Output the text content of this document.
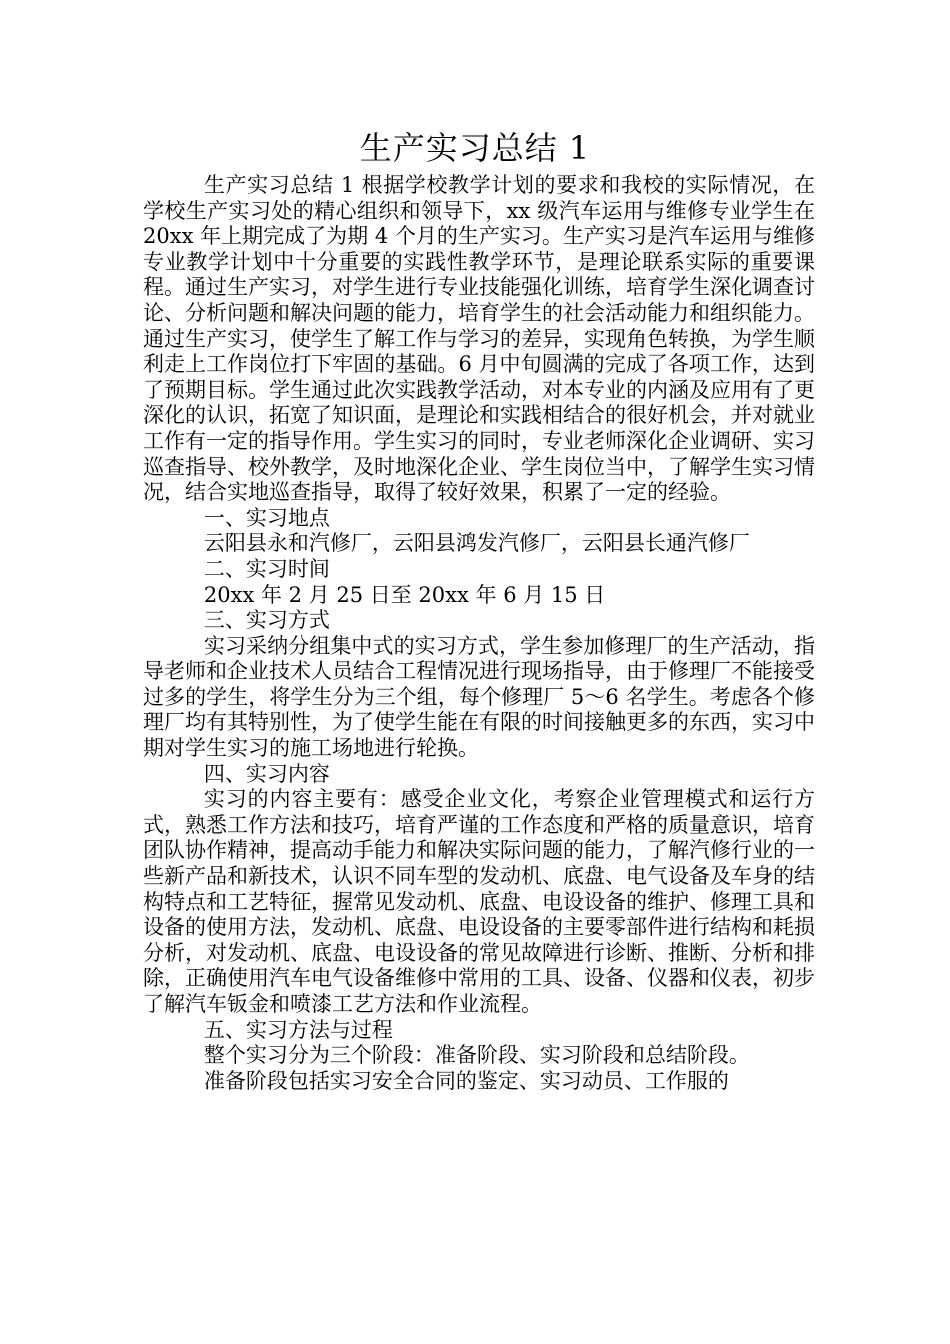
生产实习总结 1

生产实习总结 1 根据学校教学计划的要求和我校的实际情况，在学校生产实习处的精心组织和领导下，xx 级汽车运用与维修专业学生在 20xx 年上期完成了为期 4 个月的生产实习。生产实习是汽车运用与维修专业教学计划中十分重要的实践性教学环节，是理论联系实际的重要课程。通过生产实习，对学生进行专业技能强化训练，培育学生深化调查讨论、分析问题和解决问题的能力，培育学生的社会活动能力和组织能力。通过生产实习，使学生了解工作与学习的差异，实现角色转换，为学生顺利走上工作岗位打下牢固的基础。6 月中旬圆满的完成了各项工作，达到了预期目标。学生通过此次实践教学活动，对本专业的内涵及应用有了更深化的认识，拓宽了知识面，是理论和实践相结合的很好机会，并对就业工作有一定的指导作用。学生实习的同时，专业老师深化企业调研、实习巡查指导、校外教学，及时地深化企业、学生岗位当中，了解学生实习情况，结合实地巡查指导，取得了较好效果，积累了一定的经验。

一、实习地点

云阳县永和汽修厂，云阳县鸿发汽修厂，云阳县长通汽修厂

二、实习时间

20xx 年 2 月 25 日至 20xx 年 6 月 15 日

三、实习方式

实习采纳分组集中式的实习方式，学生参加修理厂的生产活动，指导老师和企业技术人员结合工程情况进行现场指导，由于修理厂不能接受过多的学生，将学生分为三个组，每个修理厂 5～6 名学生。考虑各个修理厂均有其特别性，为了使学生能在有限的时间接触更多的东西，实习中期对学生实习的施工场地进行轮换。

四、实习内容

实习的内容主要有：感受企业文化，考察企业管理模式和运行方式，熟悉工作方法和技巧，培育严谨的工作态度和严格的质量意识，培育团队协作精神，提高动手能力和解决实际问题的能力，了解汽修行业的一些新产品和新技术，认识不同车型的发动机、底盘、电气设备及车身的结构特点和工艺特征，握常见发动机、底盘、电设设备的维护、修理工具和设备的使用方法，发动机、底盘、电设设备的主要零部件进行结构和耗损分析，对发动机、底盘、电设设备的常见故障进行诊断、推断、分析和排除，正确使用汽车电气设备维修中常用的工具、设备、仪器和仪表，初步了解汽车钣金和喷漆工艺方法和作业流程。

五、实习方法与过程

整个实习分为三个阶段：准备阶段、实习阶段和总结阶段。

准备阶段包括实习安全合同的鉴定、实习动员、工作服的
